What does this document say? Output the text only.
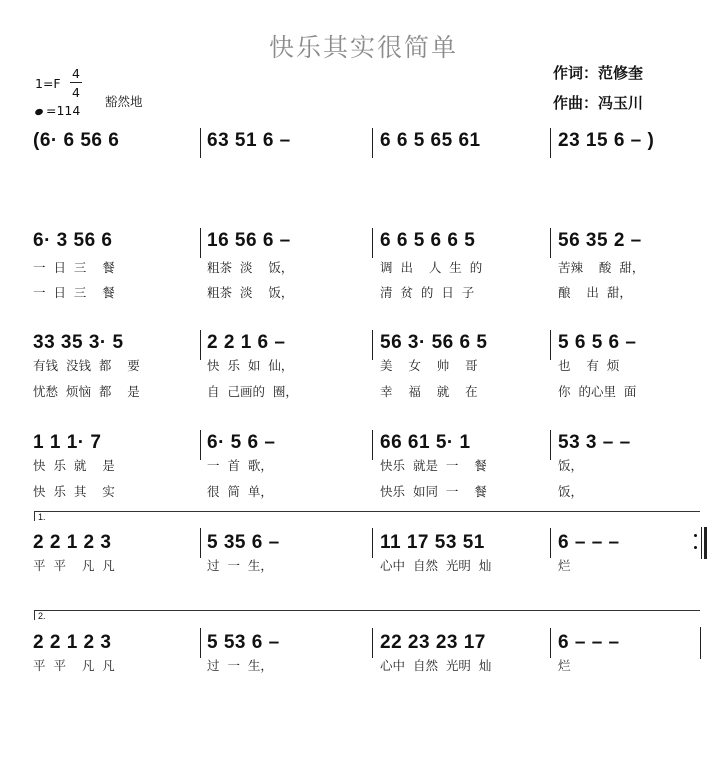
快乐其实很简单
作词：范修奎
作曲：冯玉川
1=F
4
4
=114
豁然地
(6· 6 56 6	63 51 6 –	6 6 5 65 61	23 15 6 – )
6· 3 56 6	16 56 6 –	6 6 5 6 6 5	56 35 2 –
一  日  三    餐	粗茶  淡    饭，	调  出    人  生  的	苦辣    酸  甜，
一  日  三    餐	粗茶  淡    饭，	清  贫  的  日  子	酿    出  甜，
33 35 3· 5	2 2 1 6 –	56 3· 56 6 5	5 6 5 6 –
有钱  没钱  都    要	快  乐  如  仙，	美    女    帅    哥	也    有  烦
忧愁  烦恼  都    是	自  己画的  圈，	幸    福    就    在	你  的心里  面
1 1 1· 7	6· 5 6 –	66 61 5· 1	53 3 – –
快  乐  就    是	一  首  歌，	快乐  就是  一    餐	饭，
快  乐  其    实	很  简  单，	快乐  如同  一    餐	饭，
1.
2 2 1 2 3	5 35 6 –	11 17 53 51	6 – – –
平  平    凡  凡	过  一  生，	心中  自然  光明  灿	烂
2.
2 2 1 2 3	5 53 6 –	22 23 23 17	6 – – –
平  平    凡  凡	过  一  生，	心中  自然  光明  灿	烂
